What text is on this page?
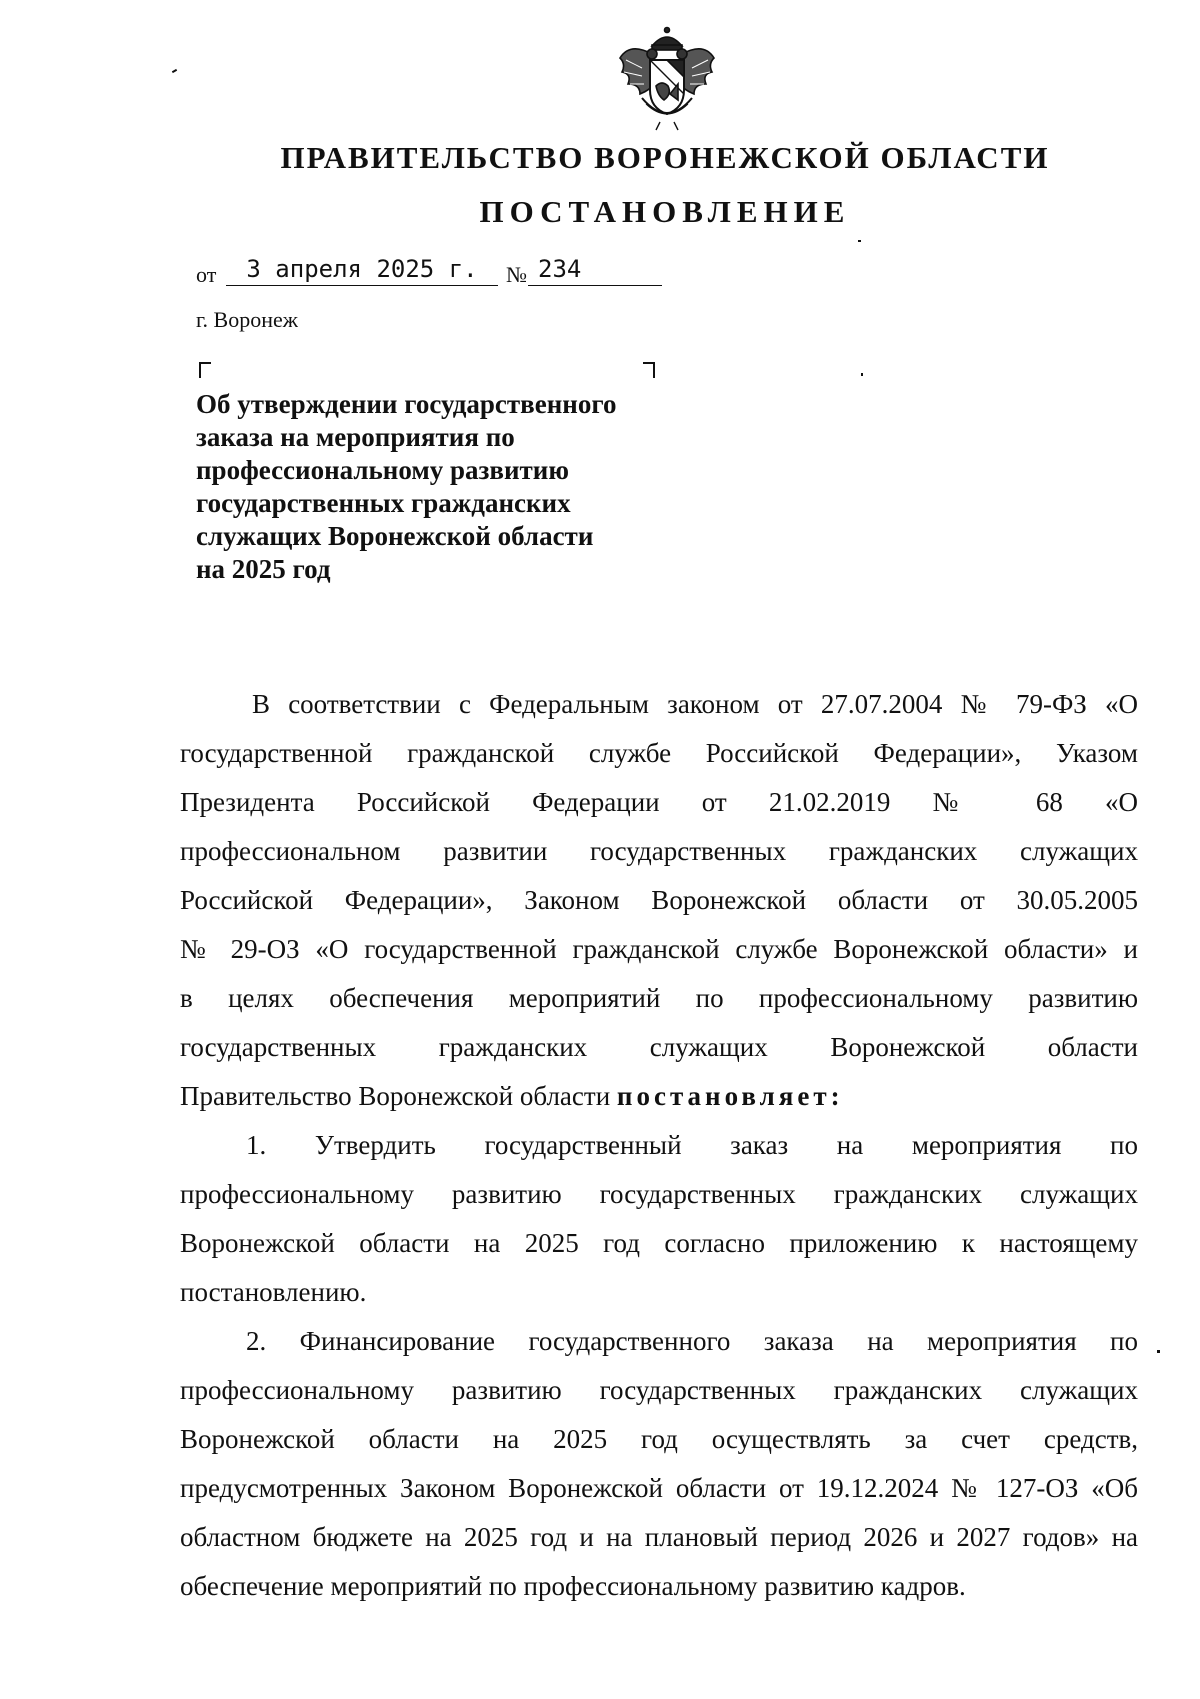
ПРАВИТЕЛЬСТВО ВОРОНЕЖСКОЙ ОБЛАСТИ
ПОСТАНОВЛЕНИЕ
от	3 апреля 2025 г.	№ 234
г. Воронеж
Об утверждении государственного
заказа на мероприятия по
профессиональному развитию
государственных гражданских
служащих Воронежской области
на 2025 год
В соответствии с Федеральным законом от 27.07.2004 № 79-ФЗ «О
государственной гражданской службе Российской Федерации», Указом
Президента Российской Федерации от 21.02.2019 № 68 «О
профессиональном развитии государственных гражданских служащих
Российской Федерации», Законом Воронежской области от 30.05.2005
№ 29-ОЗ «О государственной гражданской службе Воронежской области» и
в целях обеспечения мероприятий по профессиональному развитию
государственных гражданских служащих Воронежской области
Правительство Воронежской области постановляет:
1. Утвердить государственный заказ на мероприятия по
профессиональному развитию государственных гражданских служащих
Воронежской области на 2025 год согласно приложению к настоящему
постановлению.
2. Финансирование государственного заказа на мероприятия по
профессиональному развитию государственных гражданских служащих
Воронежской области на 2025 год осуществлять за счет средств,
предусмотренных Законом Воронежской области от 19.12.2024 № 127-ОЗ «Об
областном бюджете на 2025 год и на плановый период 2026 и 2027 годов» на
обеспечение мероприятий по профессиональному развитию кадров.
